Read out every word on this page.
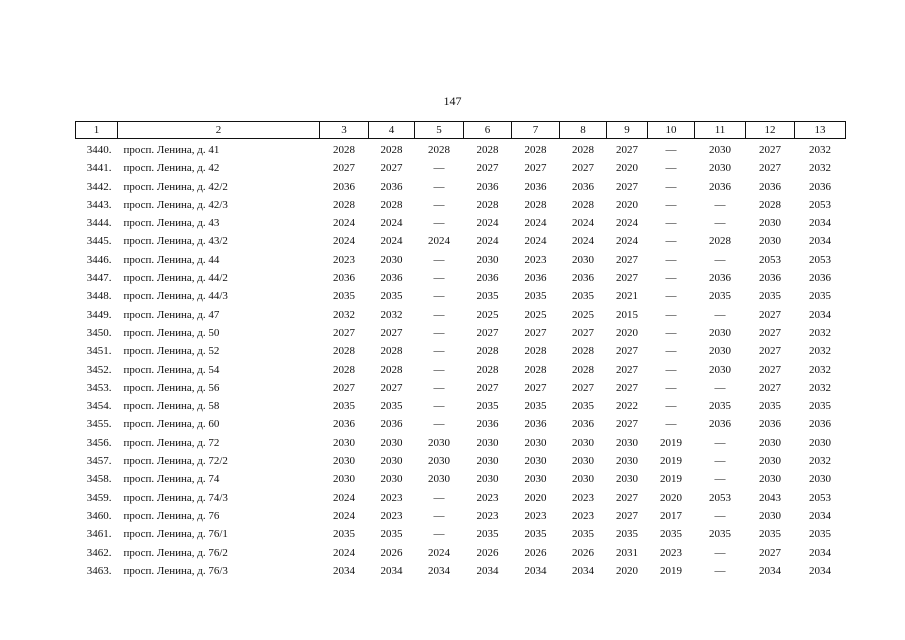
147
1	2	3	4	5	6	7	8	9	10	11	12	13
3440.	просп. Ленина, д. 41	2028	2028	2028	2028	2028	2028	2027	—	2030	2027	2032
3441.	просп. Ленина, д. 42	2027	2027	—	2027	2027	2027	2020	—	2030	2027	2032
3442.	просп. Ленина, д. 42/2	2036	2036	—	2036	2036	2036	2027	—	2036	2036	2036
3443.	просп. Ленина, д. 42/3	2028	2028	—	2028	2028	2028	2020	—	—	2028	2053
3444.	просп. Ленина, д. 43	2024	2024	—	2024	2024	2024	2024	—	—	2030	2034
3445.	просп. Ленина, д. 43/2	2024	2024	2024	2024	2024	2024	2024	—	2028	2030	2034
3446.	просп. Ленина, д. 44	2023	2030	—	2030	2023	2030	2027	—	—	2053	2053
3447.	просп. Ленина, д. 44/2	2036	2036	—	2036	2036	2036	2027	—	2036	2036	2036
3448.	просп. Ленина, д. 44/3	2035	2035	—	2035	2035	2035	2021	—	2035	2035	2035
3449.	просп. Ленина, д. 47	2032	2032	—	2025	2025	2025	2015	—	—	2027	2034
3450.	просп. Ленина, д. 50	2027	2027	—	2027	2027	2027	2020	—	2030	2027	2032
3451.	просп. Ленина, д. 52	2028	2028	—	2028	2028	2028	2027	—	2030	2027	2032
3452.	просп. Ленина, д. 54	2028	2028	—	2028	2028	2028	2027	—	2030	2027	2032
3453.	просп. Ленина, д. 56	2027	2027	—	2027	2027	2027	2027	—	—	2027	2032
3454.	просп. Ленина, д. 58	2035	2035	—	2035	2035	2035	2022	—	2035	2035	2035
3455.	просп. Ленина, д. 60	2036	2036	—	2036	2036	2036	2027	—	2036	2036	2036
3456.	просп. Ленина, д. 72	2030	2030	2030	2030	2030	2030	2030	2019	—	2030	2030
3457.	просп. Ленина, д. 72/2	2030	2030	2030	2030	2030	2030	2030	2019	—	2030	2032
3458.	просп. Ленина, д. 74	2030	2030	2030	2030	2030	2030	2030	2019	—	2030	2030
3459.	просп. Ленина, д. 74/3	2024	2023	—	2023	2020	2023	2027	2020	2053	2043	2053
3460.	просп. Ленина, д. 76	2024	2023	—	2023	2023	2023	2027	2017	—	2030	2034
3461.	просп. Ленина, д. 76/1	2035	2035	—	2035	2035	2035	2035	2035	2035	2035	2035
3462.	просп. Ленина, д. 76/2	2024	2026	2024	2026	2026	2026	2031	2023	—	2027	2034
3463.	просп. Ленина, д. 76/3	2034	2034	2034	2034	2034	2034	2020	2019	—	2034	2034
